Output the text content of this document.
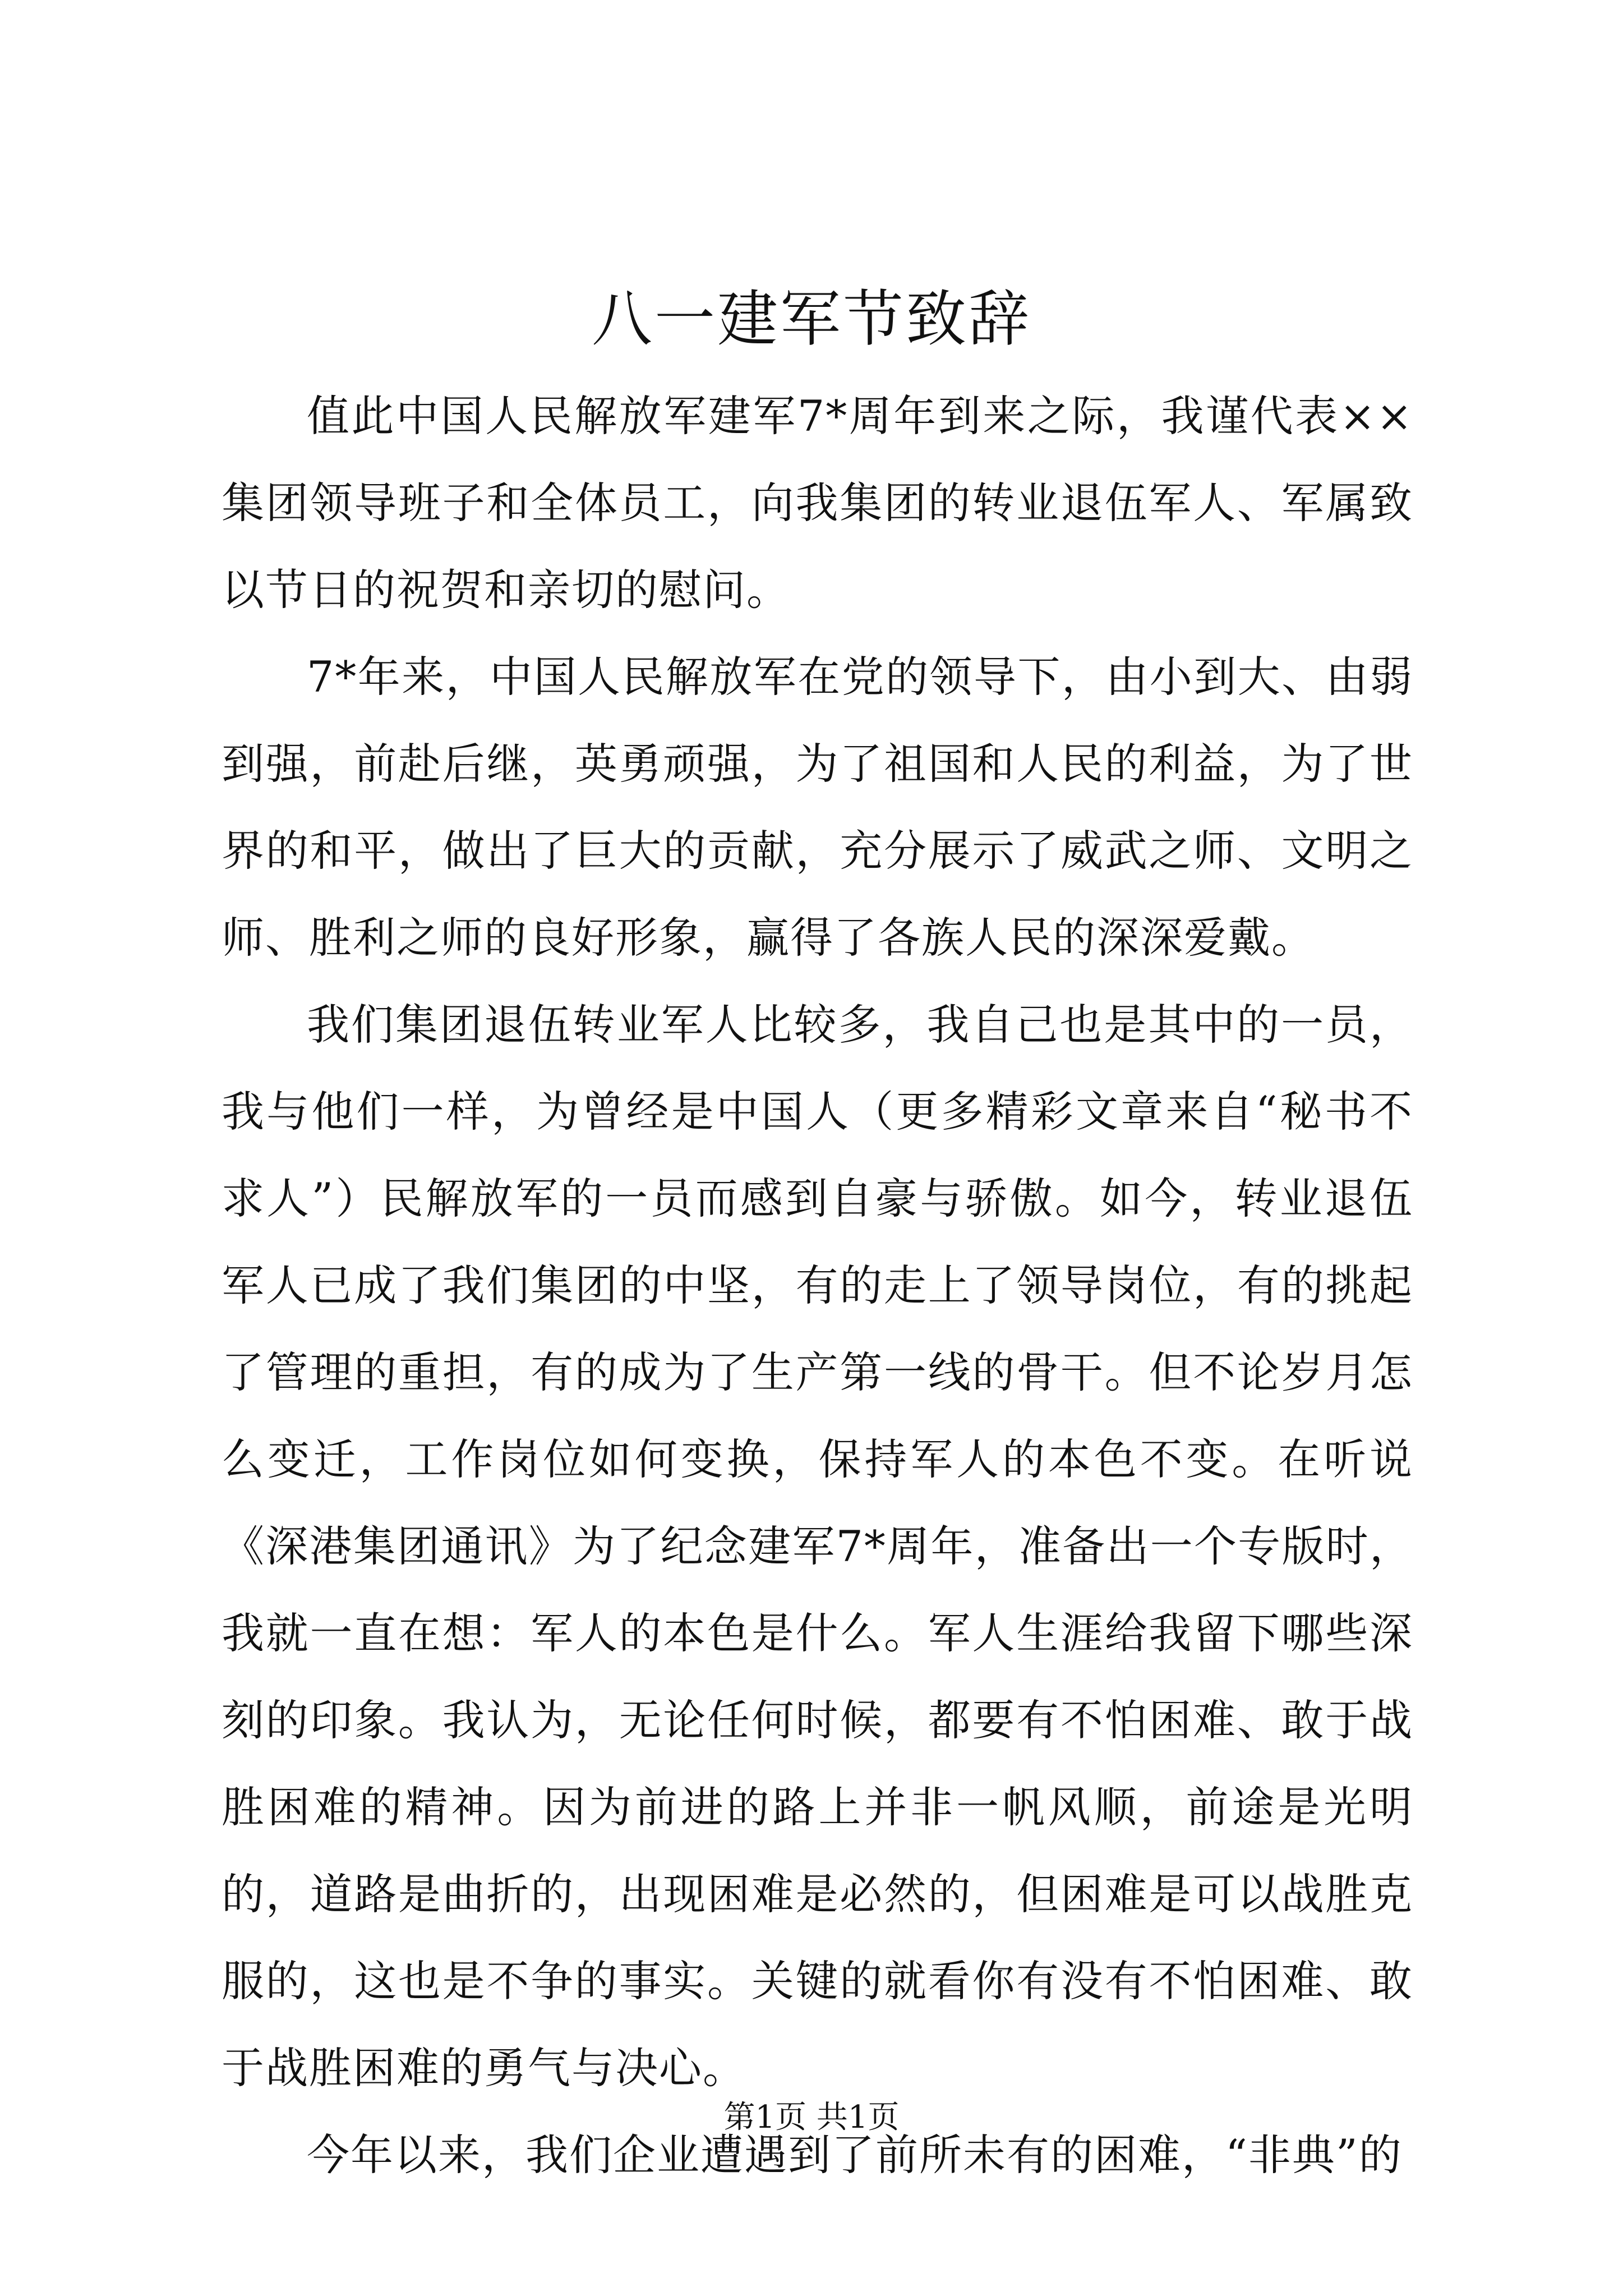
八一建军节致辞

值此中国人民解放军建军7*周年到来之际，我谨代表××集团领导班子和全体员工，向我集团的转业退伍军人、军属致以节日的祝贺和亲切的慰问。

7*年来，中国人民解放军在党的领导下，由小到大、由弱到强，前赴后继，英勇顽强，为了祖国和人民的利益，为了世界的和平，做出了巨大的贡献，充分展示了威武之师、文明之师、胜利之师的良好形象，赢得了各族人民的深深爱戴。

我们集团退伍转业军人比较多，我自己也是其中的一员，我与他们一样，为曾经是中国人（更多精彩文章来自“秘书不求人”）民解放军的一员而感到自豪与骄傲。如今，转业退伍军人已成了我们集团的中坚，有的走上了领导岗位，有的挑起了管理的重担，有的成为了生产第一线的骨干。但不论岁月怎么变迁，工作岗位如何变换，保持军人的本色不变。在听说《深港集团通讯》为了纪念建军7*周年，准备出一个专版时，我就一直在想：军人的本色是什么。军人生涯给我留下哪些深刻的印象。我认为，无论任何时候，都要有不怕困难、敢于战胜困难的精神。因为前进的路上并非一帆风顺，前途是光明的，道路是曲折的，出现困难是必然的，但困难是可以战胜克服的，这也是不争的事实。关键的就看你有没有不怕困难、敢于战胜困难的勇气与决心。

今年以来，我们企业遭遇到了前所未有的困难，“非典”的

第1页 共1页
